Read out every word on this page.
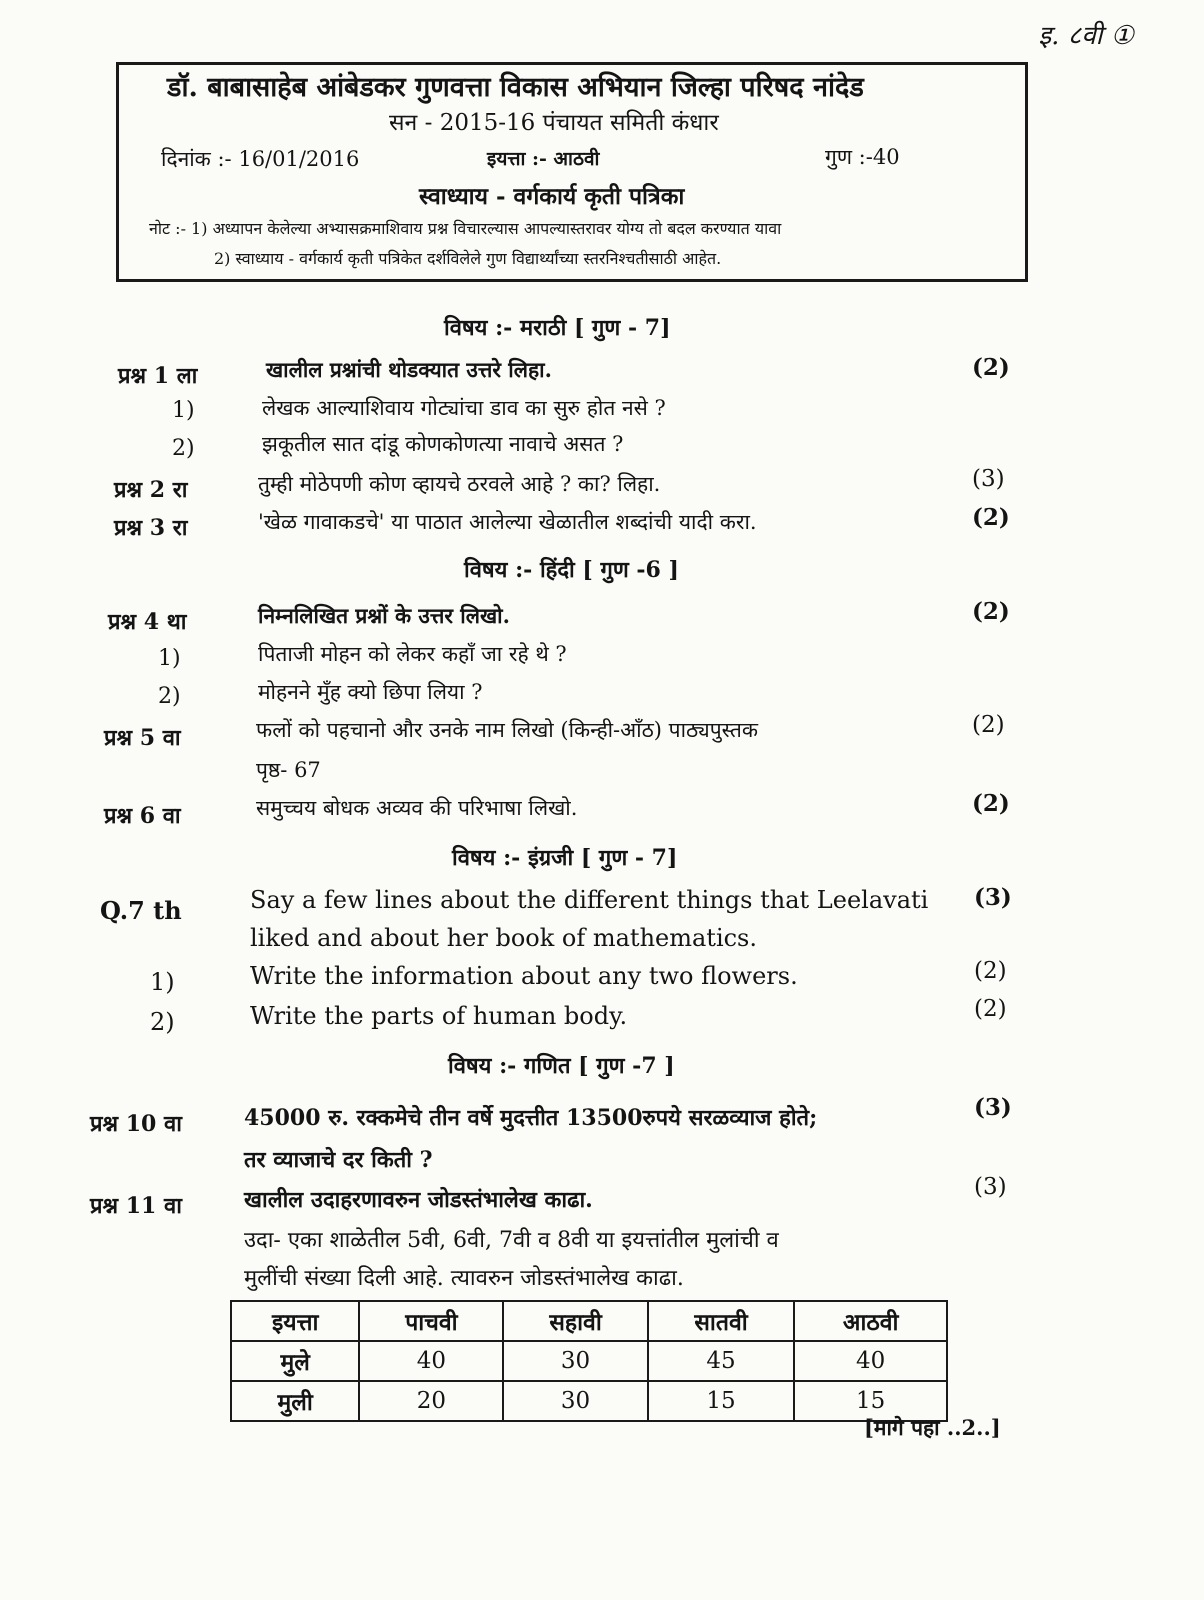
इ. ८वी ①
डॉ. बाबासाहेब आंबेडकर गुणवत्ता विकास अभियान जिल्हा परिषद नांदेड
सन - 2015-16 पंचायत समिती कंधार
दिनांक :- 16/01/2016	इयत्ता :- आठवी	गुण :-40
स्वाध्याय - वर्गकार्य कृती पत्रिका
नोट :- 1) अध्यापन केलेल्या अभ्यासक्रमाशिवाय प्रश्न विचारल्यास आपल्यास्तरावर योग्य तो बदल करण्यात यावा
2) स्वाध्याय - वर्गकार्य कृती पत्रिकेत दर्शविलेले गुण विद्यार्थ्यांच्या स्तरनिश्चतीसाठी आहेत.
विषय :- मराठी [ गुण - 7]
प्रश्न 1 ला	खालील प्रश्नांची थोडक्यात उत्तरे लिहा.	(2)
1)	लेखक आल्याशिवाय गोट्यांचा डाव का सुरु होत नसे ?
2)	झकूतील सात दांडू कोणकोणत्या नावाचे असत ?
प्रश्न 2 रा	तुम्ही मोठेपणी कोण व्हायचे ठरवले आहे ? का? लिहा.	(3)
प्रश्न 3 रा	'खेळ गावाकडचे' या पाठात आलेल्या खेळातील शब्दांची यादी करा.	(2)
विषय :- हिंदी [ गुण -6 ]
प्रश्न 4 था	निम्नलिखित प्रश्नों के उत्तर लिखो.	(2)
1)	पिताजी मोहन को लेकर कहाँ जा रहे थे ?
2)	मोहनने मुँह क्यो छिपा लिया ?
प्रश्न 5 वा	फलों को पहचानो और उनके नाम लिखो (किन्ही-आँठ) पाठ्यपुस्तक
पृष्ठ- 67
(2)
प्रश्न 6 वा	समुच्चय बोधक अव्यव की परिभाषा लिखो.	(2)
विषय :- इंग्रजी [ गुण - 7]
Q.7 th	Say a few lines about the different things that Leelavati
liked and about her book of mathematics.
(3)
1)	Write the information about any two flowers.	(2)
2)	Write the parts of human body.	(2)
विषय :- गणित [ गुण -7 ]
प्रश्न 10 वा	45000 रु. रक्कमेचे तीन वर्षे मुदत्तीत 13500रुपये सरळव्याज होते;
तर व्याजाचे दर किती ?
(3)
प्रश्न 11 वा	खालील उदाहरणावरुन जोडस्तंभालेख काढा.
उदा- एका शाळेतील 5वी, 6वी, 7वी व 8वी या इयत्तांतील मुलांची व
मुलींची संख्या दिली आहे. त्यावरुन जोडस्तंभालेख काढा.
(3)
इयत्ता	पाचवी	सहावी	सातवी	आठवी
मुले	40	30	45	40
मुली	20	30	15	15
[मागे पहा ..2..]
